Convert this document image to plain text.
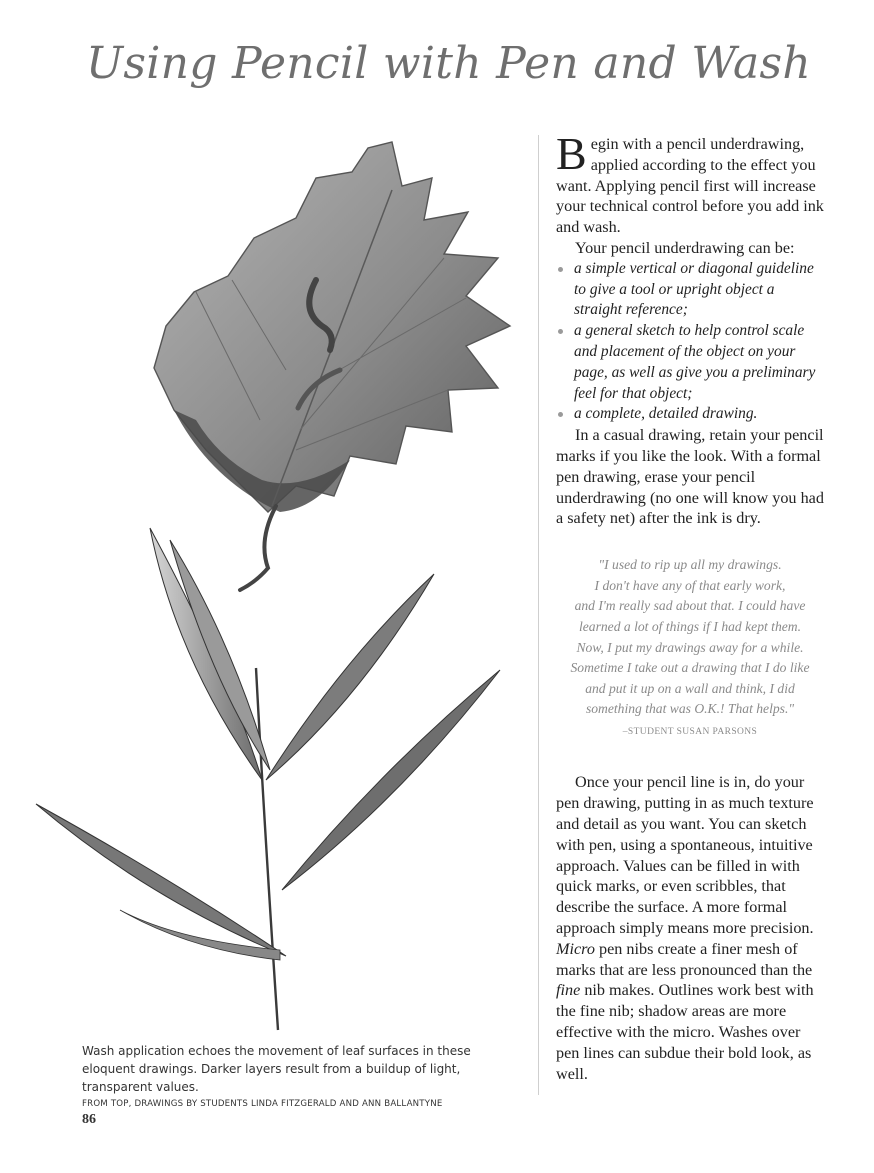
Using Pencil with Pen and Wash

Begin with a pencil underdrawing, applied according to the effect you want. Applying pencil first will increase your technical control before you add ink and wash.

Your pencil underdrawing can be:

a simple vertical or diagonal guideline to give a tool or upright object a straight reference;
a general sketch to help control scale and placement of the object on your page, as well as give you a preliminary feel for that object;
a complete, detailed drawing.

In a casual drawing, retain your pencil marks if you like the look. With a formal pen drawing, erase your pencil underdrawing (no one will know you had a safety net) after the ink is dry.

"I used to rip up all my drawings.
I don't have any of that early work,
and I'm really sad about that. I could have
learned a lot of things if I had kept them.
Now, I put my drawings away for a while.
Sometime I take out a drawing that I do like
and put it up on a wall and think, I did
something that was O.K.! That helps."
–STUDENT SUSAN PARSONS

Once your pencil line is in, do your pen drawing, putting in as much texture and detail as you want. You can sketch with pen, using a spontaneous, intuitive approach. Values can be filled in with quick marks, or even scribbles, that describe the surface. A more formal approach simply means more precision. Micro pen nibs create a finer mesh of marks that are less pronounced than the fine nib makes. Outlines work best with the fine nib; shadow areas are more effective with the micro. Washes over pen lines can subdue their bold look, as well.

Wash application echoes the movement of leaf surfaces in these eloquent drawings. Darker layers result from a buildup of light, transparent values.
FROM TOP, DRAWINGS BY STUDENTS LINDA FITZGERALD AND ANN BALLANTYNE
86
